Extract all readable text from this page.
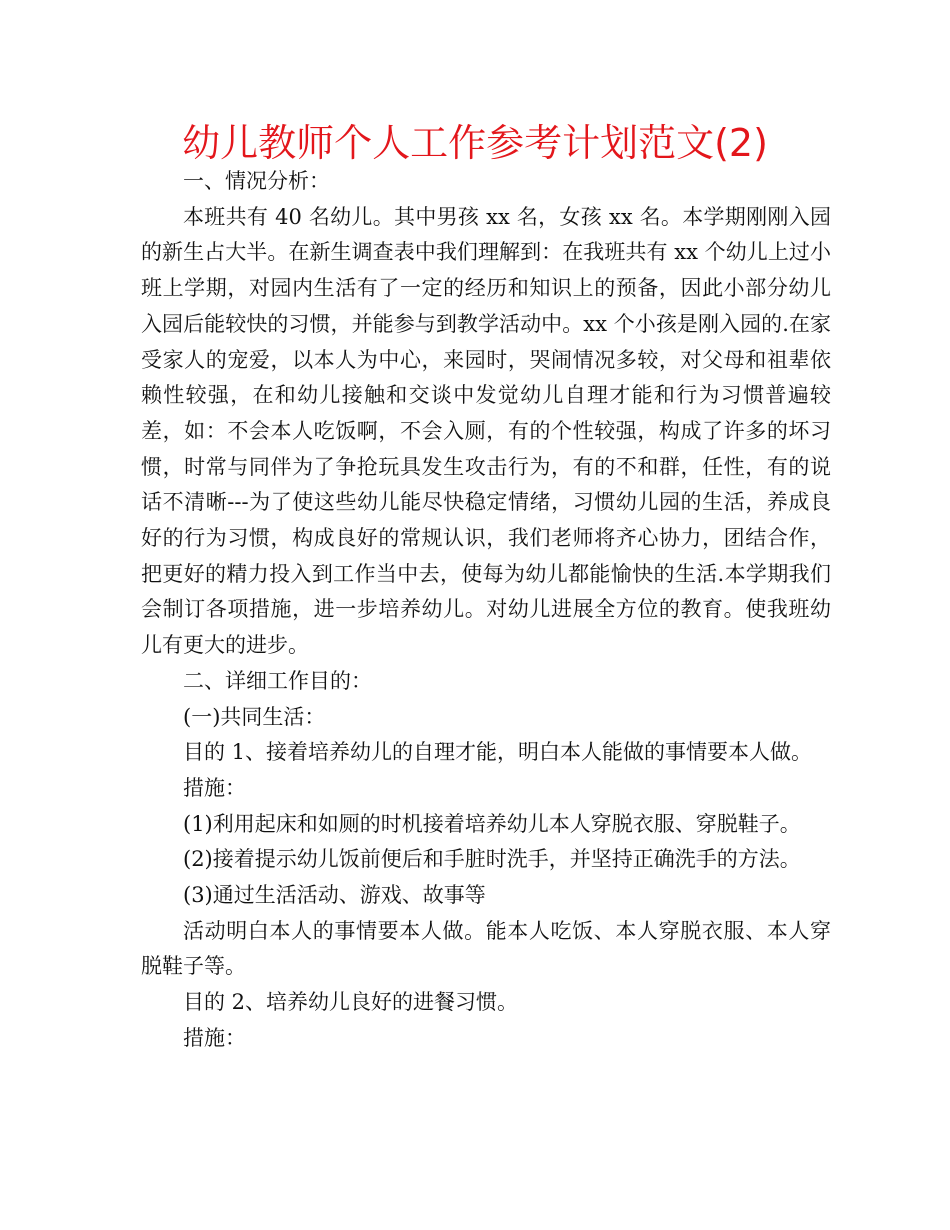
幼儿教师个人工作参考计划范文(2)

一、情况分析：

本班共有 40 名幼儿。其中男孩 xx 名，女孩 xx 名。本学期刚刚入园的新生占大半。在新生调查表中我们理解到：在我班共有 xx 个幼儿上过小班上学期，对园内生活有了一定的经历和知识上的预备，因此小部分幼儿入园后能较快的习惯，并能参与到教学活动中。xx 个小孩是刚入园的.在家受家人的宠爱，以本人为中心，来园时，哭闹情况多较，对父母和祖辈依赖性较强，在和幼儿接触和交谈中发觉幼儿自理才能和行为习惯普遍较差，如：不会本人吃饭啊，不会入厕，有的个性较强，构成了许多的坏习惯，时常与同伴为了争抢玩具发生攻击行为，有的不和群，任性，有的说话不清晰---为了使这些幼儿能尽快稳定情绪，习惯幼儿园的生活，养成良好的行为习惯，构成良好的常规认识，我们老师将齐心协力，团结合作，把更好的精力投入到工作当中去，使每为幼儿都能愉快的生活.本学期我们会制订各项措施，进一步培养幼儿。对幼儿进展全方位的教育。使我班幼儿有更大的进步。

二、详细工作目的：

(一)共同生活：

目的 1、接着培养幼儿的自理才能，明白本人能做的事情要本人做。

措施：

(1)利用起床和如厕的时机接着培养幼儿本人穿脱衣服、穿脱鞋子。

(2)接着提示幼儿饭前便后和手脏时洗手，并坚持正确洗手的方法。

(3)通过生活活动、游戏、故事等

活动明白本人的事情要本人做。能本人吃饭、本人穿脱衣服、本人穿脱鞋子等。

目的 2、培养幼儿良好的进餐习惯。

措施：
